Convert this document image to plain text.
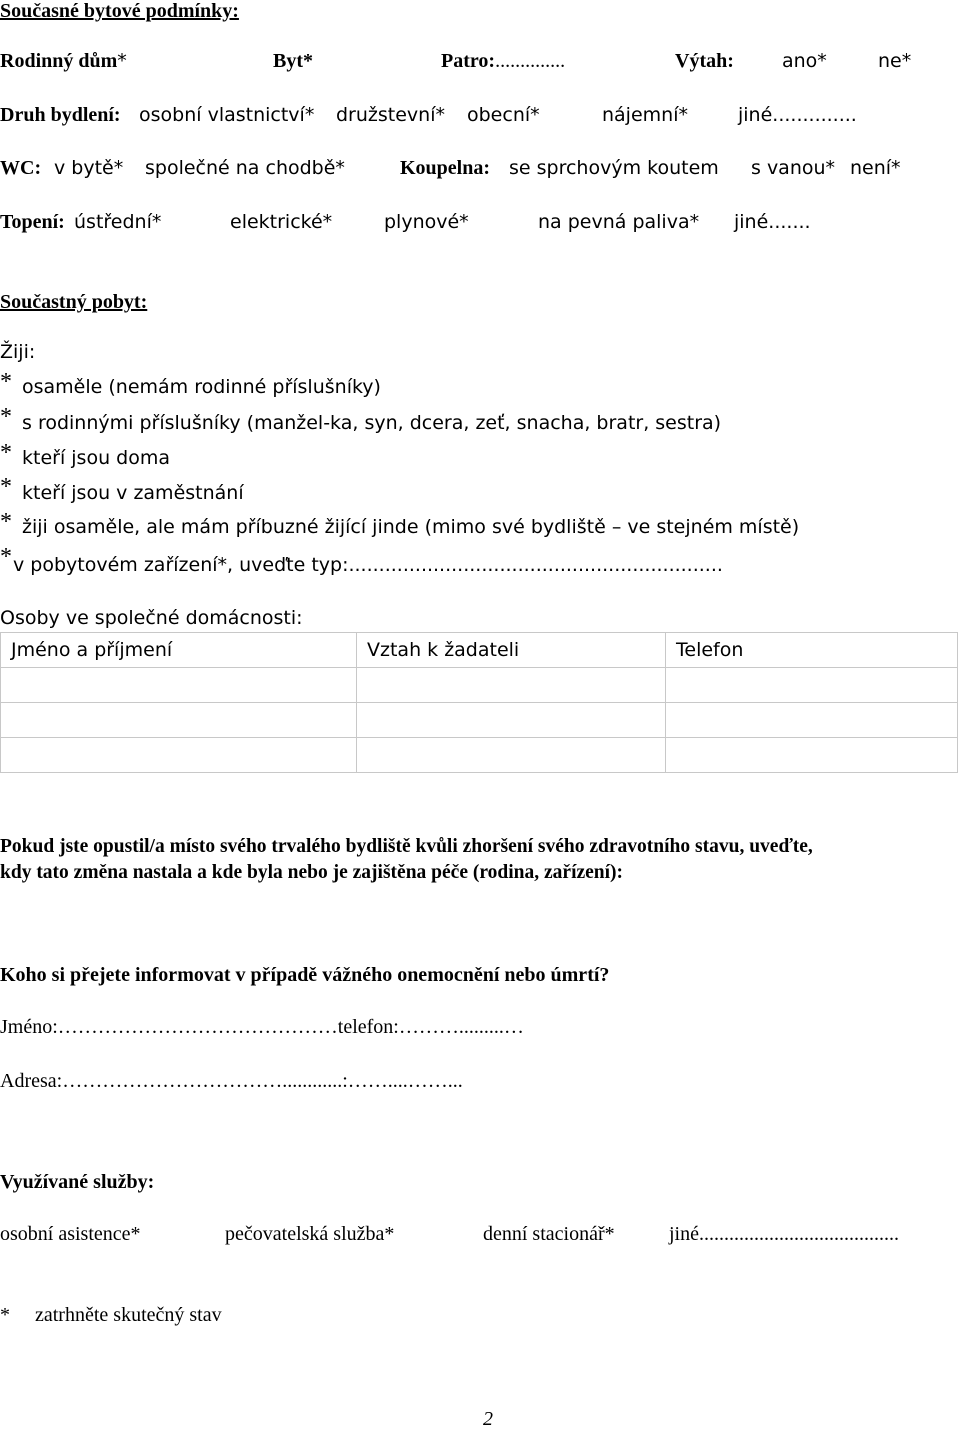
Současné bytové podmínky:
Rodinný dům*	Byt*	Patro:..............	Výtah:	ano*	ne*
Druh bydlení: osobní vlastnictví* družstevní* obecní*	nájemní*	jiné..............
WC: v bytě* společné na chodbě*	Koupelna: se sprchovým koutem s vanou* není*
Topení: ústřední*	elektrické*	plynové*	na pevná paliva* jiné.......
Součastný pobyt:
Žiji:
* osaměle (nemám rodinné příslušníky)
* s rodinnými příslušníky (manžel-ka, syn, dcera, zeť, snacha, bratr, sestra)
* kteří jsou doma
* kteří jsou v zaměstnání
* žiji osaměle, ale mám příbuzné žijící jinde (mimo své bydliště – ve stejném místě)
* v pobytovém zařízení*, uveďte typ:..............................................................
Osoby ve společné domácnosti:
Jméno a příjmení	Vztah k žadateli	Telefon

Pokud jste opustil/a místo svého trvalého bydliště kvůli zhoršení svého zdravotního stavu, uveďte,
kdy tato změna nastala a kde byla nebo je zajištěna péče (rodina, zařízení):
Koho si přejete informovat v případě vážného onemocnění nebo úmrtí?
Jméno:……………………………………telefon:……….........…
Adresa:……………………………............:……....……...
Využívané služby:
osobní asistence*	pečovatelská služba*	denní stacionář*	jiné........................................
* zatrhněte skutečný stav
2
